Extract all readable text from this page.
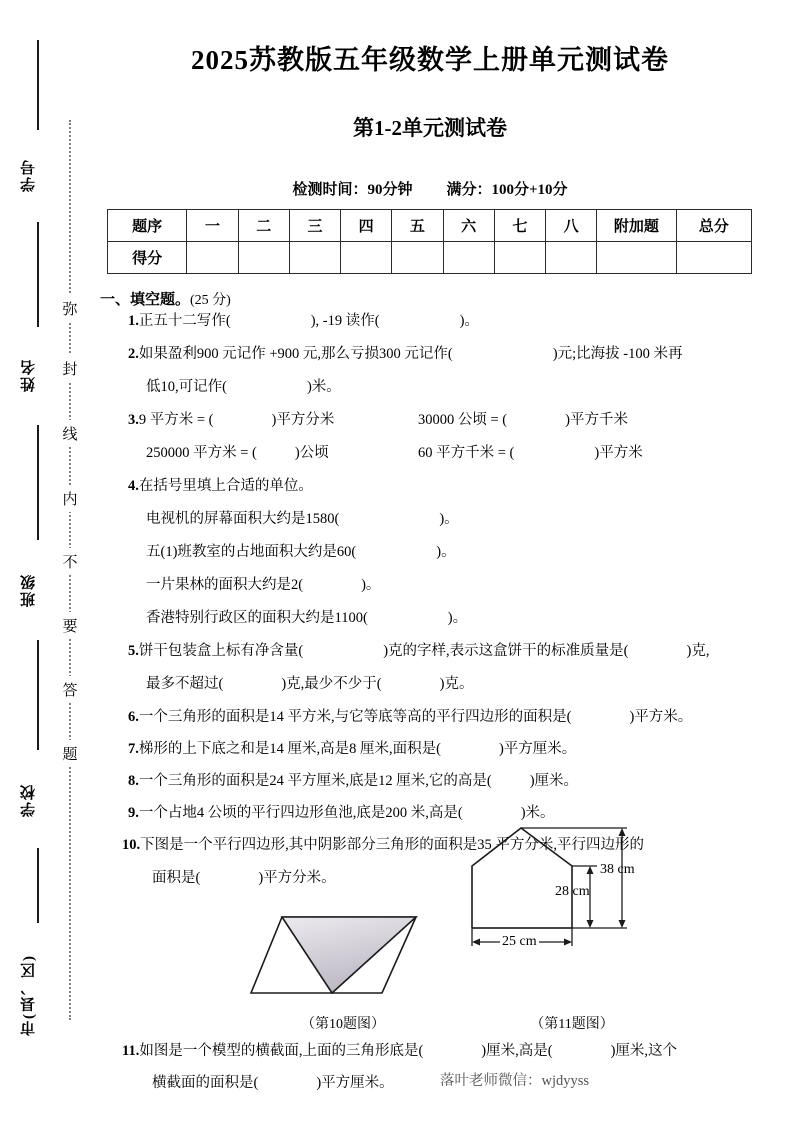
学号
姓名
班级
学校
市(县、区)
弥
封
线
内
不
要
答
题
2025苏教版五年级数学上册单元测试卷
第1-2单元测试卷
检测时间：90分钟 满分：100分+10分
题序	一	二	三	四	五	六	七	八	附加题	总分
得分										
一、填空题。(25 分)
1.正五十二写作(	), -19 读作(	)。
2.如果盈利900 元记作 +900 元,那么亏损300 元记作(	)元;比海拔 -100 米再
低10,可记作(	)米。
3.9 平方米 = (	)平方分米	30000 公顷 = (	)平方千米
250000 平方米 = (	)公顷	60 平方千米 = (	)平方米
4.在括号里填上合适的单位。
电视机的屏幕面积大约是1580(	)。
五(1)班教室的占地面积大约是60(	)。
一片果林的面积大约是2(	)。
香港特别行政区的面积大约是1100(	)。
5.饼干包装盒上标有净含量(	)克的字样,表示这盒饼干的标准质量是(	)克,
最多不超过(	)克,最少不少于(	)克。
6.一个三角形的面积是14 平方米,与它等底等高的平行四边形的面积是(	)平方米。
7.梯形的上下底之和是14 厘米,高是8 厘米,面积是(	)平方厘米。
8.一个三角形的面积是24 平方厘米,底是12 厘米,它的高是(	)厘米。
9.一个占地4 公顷的平行四边形鱼池,底是200 米,高是(	)米。
10.下图是一个平行四边形,其中阴影部分三角形的面积是35 平方分米,平行四边形的
面积是(	)平方分米。
（第10题图）
38 cm
28 cm
25 cm
（第11题图）
11.如图是一个模型的横截面,上面的三角形底是(	)厘米,高是(	)厘米,这个
横截面的面积是(	)平方厘米。	落叶老师微信：wjdyyss
